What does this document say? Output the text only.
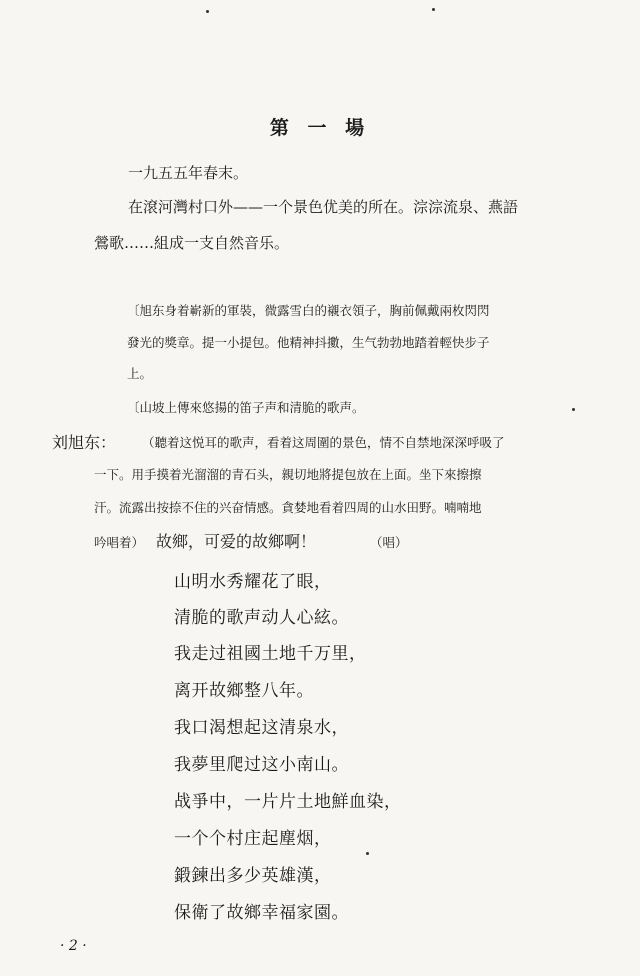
第 一 場
一九五五年春末。
在滾河灣村口外——一个景色优美的所在。淙淙流泉、燕語
鶯歌……組成一支自然音乐。
〔旭东身着嶄新的軍裝，微露雪白的襯衣領子，胸前佩戴兩枚閃閃
發光的獎章。提一小提包。他精神抖擻，生气勃勃地踏着輕快步子
上。
〔山坡上傳來悠揚的笛子声和清脆的歌声。
刘旭东： （聽着这悦耳的歌声，看着这周圍的景色，情不自禁地深深呼吸了
一下。用手摸着光溜溜的青石头，親切地將提包放在上面。坐下來擦擦
汗。流露出按捺不住的兴奋情感。貪婪地看着四周的山水田野。喃喃地
吟唱着） 故鄉，可爱的故鄉啊！	（唱）
山明水秀耀花了眼，
清脆的歌声动人心絃。
我走过祖國土地千万里，
离开故鄉整八年。
我口渴想起这清泉水，
我夢里爬过这小南山。
战爭中，一片片土地鮮血染，
一个个村庄起塵烟，
鍛鍊出多少英雄漢，
保衛了故鄉幸福家園。
· 2 ·
